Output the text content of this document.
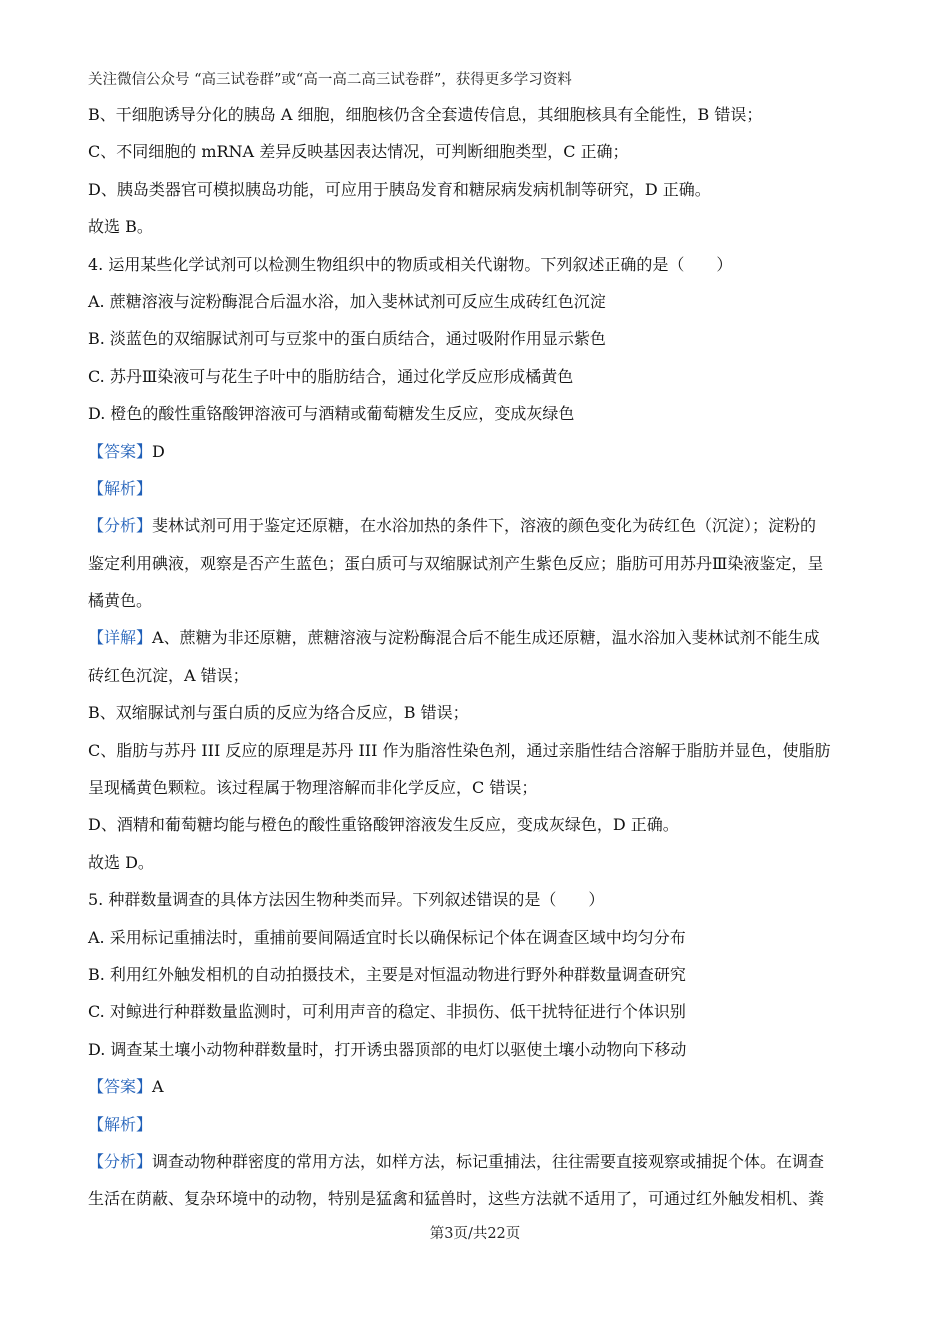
关注微信公众号 “高三试卷群”或“高一高二高三试卷群”，获得更多学习资料
B、干细胞诱导分化的胰岛 A 细胞，细胞核仍含全套遗传信息，其细胞核具有全能性，B 错误；
C、不同细胞的 mRNA 差异反映基因表达情况，可判断细胞类型，C 正确；
D、胰岛类器官可模拟胰岛功能，可应用于胰岛发育和糖尿病发病机制等研究，D 正确。
故选 B。
4. 运用某些化学试剂可以检测生物组织中的物质或相关代谢物。下列叙述正确的是（　　）
A. 蔗糖溶液与淀粉酶混合后温水浴，加入斐林试剂可反应生成砖红色沉淀
B. 淡蓝色的双缩脲试剂可与豆浆中的蛋白质结合，通过吸附作用显示紫色
C. 苏丹Ⅲ染液可与花生子叶中的脂肪结合，通过化学反应形成橘黄色
D. 橙色的酸性重铬酸钾溶液可与酒精或葡萄糖发生反应，变成灰绿色
【答案】D
【解析】
【分析】斐林试剂可用于鉴定还原糖，在水浴加热的条件下，溶液的颜色变化为砖红色（沉淀）；淀粉的
鉴定利用碘液，观察是否产生蓝色；蛋白质可与双缩脲试剂产生紫色反应；脂肪可用苏丹Ⅲ染液鉴定，呈
橘黄色。
【详解】A、蔗糖为非还原糖，蔗糖溶液与淀粉酶混合后不能生成还原糖，温水浴加入斐林试剂不能生成
砖红色沉淀，A 错误；
B、双缩脲试剂与蛋白质的反应为络合反应，B 错误；
C、脂肪与苏丹 III 反应的原理是苏丹 III 作为脂溶性染色剂，通过亲脂性结合溶解于脂肪并显色，使脂肪
呈现橘黄色颗粒。该过程属于物理溶解而非化学反应，C 错误；
D、酒精和葡萄糖均能与橙色的酸性重铬酸钾溶液发生反应，变成灰绿色，D 正确。
故选 D。
5. 种群数量调查的具体方法因生物种类而异。下列叙述错误的是（　　）
A. 采用标记重捕法时，重捕前要间隔适宜时长以确保标记个体在调查区域中均匀分布
B. 利用红外触发相机的自动拍摄技术，主要是对恒温动物进行野外种群数量调查研究
C. 对鲸进行种群数量监测时，可利用声音的稳定、非损伤、低干扰特征进行个体识别
D. 调查某土壤小动物种群数量时，打开诱虫器顶部的电灯以驱使土壤小动物向下移动
【答案】A
【解析】
【分析】调查动物种群密度的常用方法，如样方法，标记重捕法，往往需要直接观察或捕捉个体。在调查
生活在荫蔽、复杂环境中的动物，特别是猛禽和猛兽时，这些方法就不适用了，可通过红外触发相机、粪
第3页/共22页
